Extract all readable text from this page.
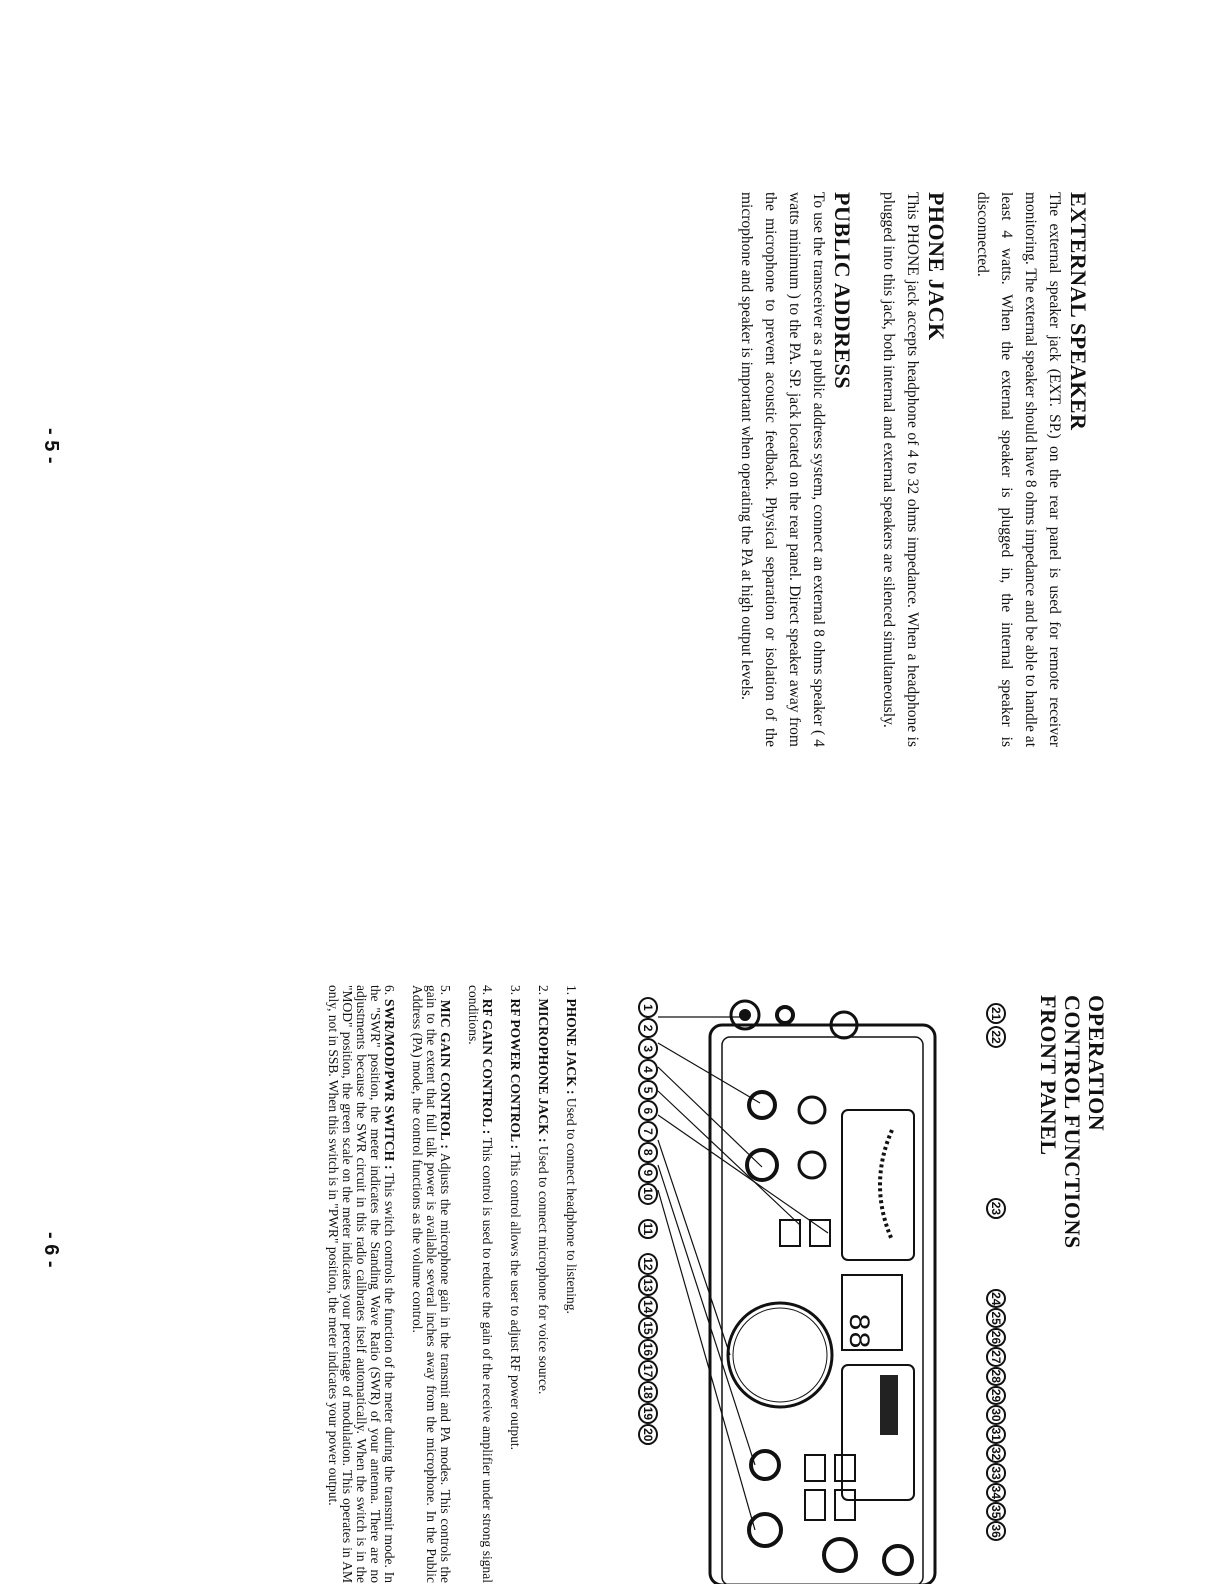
EXTERNAL SPEAKER

The external speaker jack (EXT. SP.) on the rear panel is used for remote receiver monitoring. The external speaker should have 8 ohms impedance and be able to handle at least 4 watts. When the external speaker is plugged in, the internal speaker is disconnected.

PHONE JACK

This PHONE jack accepts headphone of 4 to 32 ohms impedance. When a headphone is plugged into this jack, both internal and external speakers are silenced simultaneously.

PUBLIC ADDRESS

To use the transceiver as a public address system, connect an external 8 ohms speaker ( 4 watts minimum ) to the PA. SP. jack located on the rear panel. Direct speaker away from the microphone to prevent acoustic feedback. Physical separation or isolation of the microphone and speaker is important when operating the PA at high output levels.

- 5 -
OPERATION
CONTROL FUNCTIONS
FRONT PANEL
88
21222324252627282930313233343536
1234567891011121314151617181920

1. PHONE JACK : Used to connect headphone to listening.

2. MICROPHONE JACK : Used to connect microphone for voice source.

3. RF POWER CONTROL : This control allows the user to adjust RF power output.

4. RF GAIN CONTROL : This control is used to reduce the gain of the receive amplifier under strong signal conditions.

5. MIC GAIN CONTROL : Adjusts the microphone gain in the transmit and PA modes. This controls the gain to the extent that full talk power is available several inches away from the microphone. In the Public Address (PA) mode, the control functions as the volume control.

6. SWR/MOD/PWR SWITCH : This switch controls the function of the meter during the transmit mode. In the "SWR" position, the meter indicates the Standing Wave Ratio (SWR) of your antenna. There are no adjustments because the SWR circuit in this radio calibrates itself automatically. When the switch is in the "MOD" position, the green scale on the meter indicates your percentage of modulation. This operates in AM only, not in SSB. When this switch is in "PWR" position, the meter indicates your power output.

- 6 -
